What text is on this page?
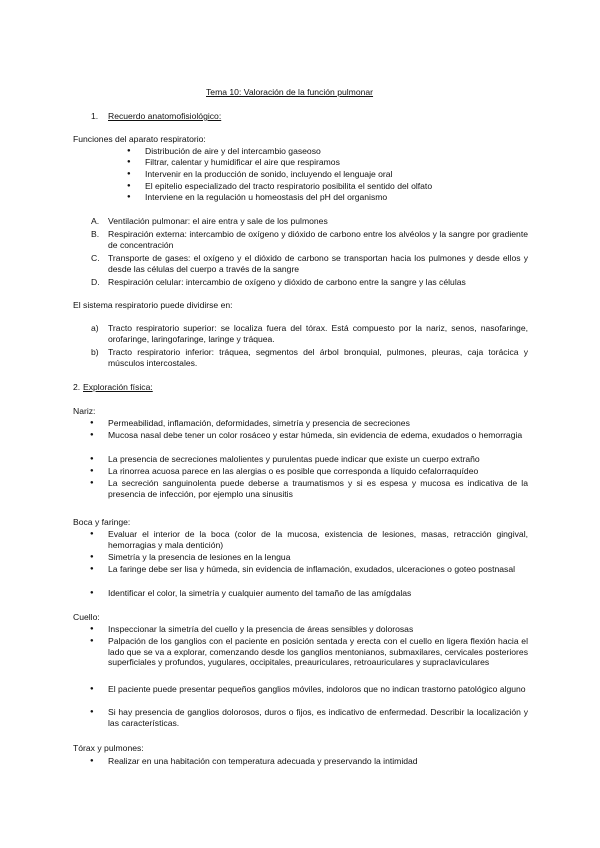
Tema 10: Valoración de la función pulmonar
1. Recuerdo anatomofisiológico:
Funciones del aparato respiratorio:
● Distribución de aire y del intercambio gaseoso
● Filtrar, calentar y humidificar el aire que respiramos
● Intervenir en la producción de sonido, incluyendo el lenguaje oral
● El epitelio especializado del tracto respiratorio posibilita el sentido del olfato
● Interviene en la regulación u homeostasis del pH del organismo
A. Ventilación pulmonar: el aire entra y sale de los pulmones
B. Respiración externa: intercambio de oxígeno y dióxido de carbono entre los alvéolos y la sangre por gradiente de concentración
C. Transporte de gases: el oxígeno y el dióxido de carbono se transportan hacia los pulmones y desde ellos y desde las células del cuerpo a través de la sangre
D. Respiración celular: intercambio de oxígeno y dióxido de carbono entre la sangre y las células
El sistema respiratorio puede dividirse en:
a) Tracto respiratorio superior: se localiza fuera del tórax. Está compuesto por la nariz, senos, nasofaringe, orofaringe, laringofaringe, laringe y tráquea.
b) Tracto respiratorio inferior: tráquea, segmentos del árbol bronquial, pulmones, pleuras, caja torácica y músculos intercostales.
2. Exploración física:
Nariz:
● Permeabilidad, inflamación, deformidades, simetría y presencia de secreciones
● Mucosa nasal debe tener un color rosáceo y estar húmeda, sin evidencia de edema, exudados o hemorragia
● La presencia de secreciones malolientes y purulentas puede indicar que existe un cuerpo extraño
● La rinorrea acuosa parece en las alergias o es posible que corresponda a líquido cefalorraquídeo
● La secreción sanguinolenta puede deberse a traumatismos y si es espesa y mucosa es indicativa de la presencia de infección, por ejemplo una sinusitis
Boca y faringe:
● Evaluar el interior de la boca (color de la mucosa, existencia de lesiones, masas, retracción gingival, hemorragias y mala dentición)
● Simetría y la presencia de lesiones en la lengua
● La faringe debe ser lisa y húmeda, sin evidencia de inflamación, exudados, ulceraciones o goteo postnasal
● Identificar el color, la simetría y cualquier aumento del tamaño de las amígdalas
Cuello:
● Inspeccionar la simetría del cuello y la presencia de áreas sensibles y dolorosas
● Palpación de los ganglios con el paciente en posición sentada y erecta con el cuello en ligera flexión hacia el lado que se va a explorar, comenzando desde los ganglios mentonianos, submaxilares, cervicales posteriores superficiales y profundos, yugulares, occipitales, preauriculares, retroauriculares y supraclaviculares
● El paciente puede presentar pequeños ganglios móviles, indoloros que no indican trastorno patológico alguno
● Si hay presencia de ganglios dolorosos, duros o fijos, es indicativo de enfermedad. Describir la localización y las características.
Tórax y pulmones:
● Realizar en una habitación con temperatura adecuada y preservando la intimidad
